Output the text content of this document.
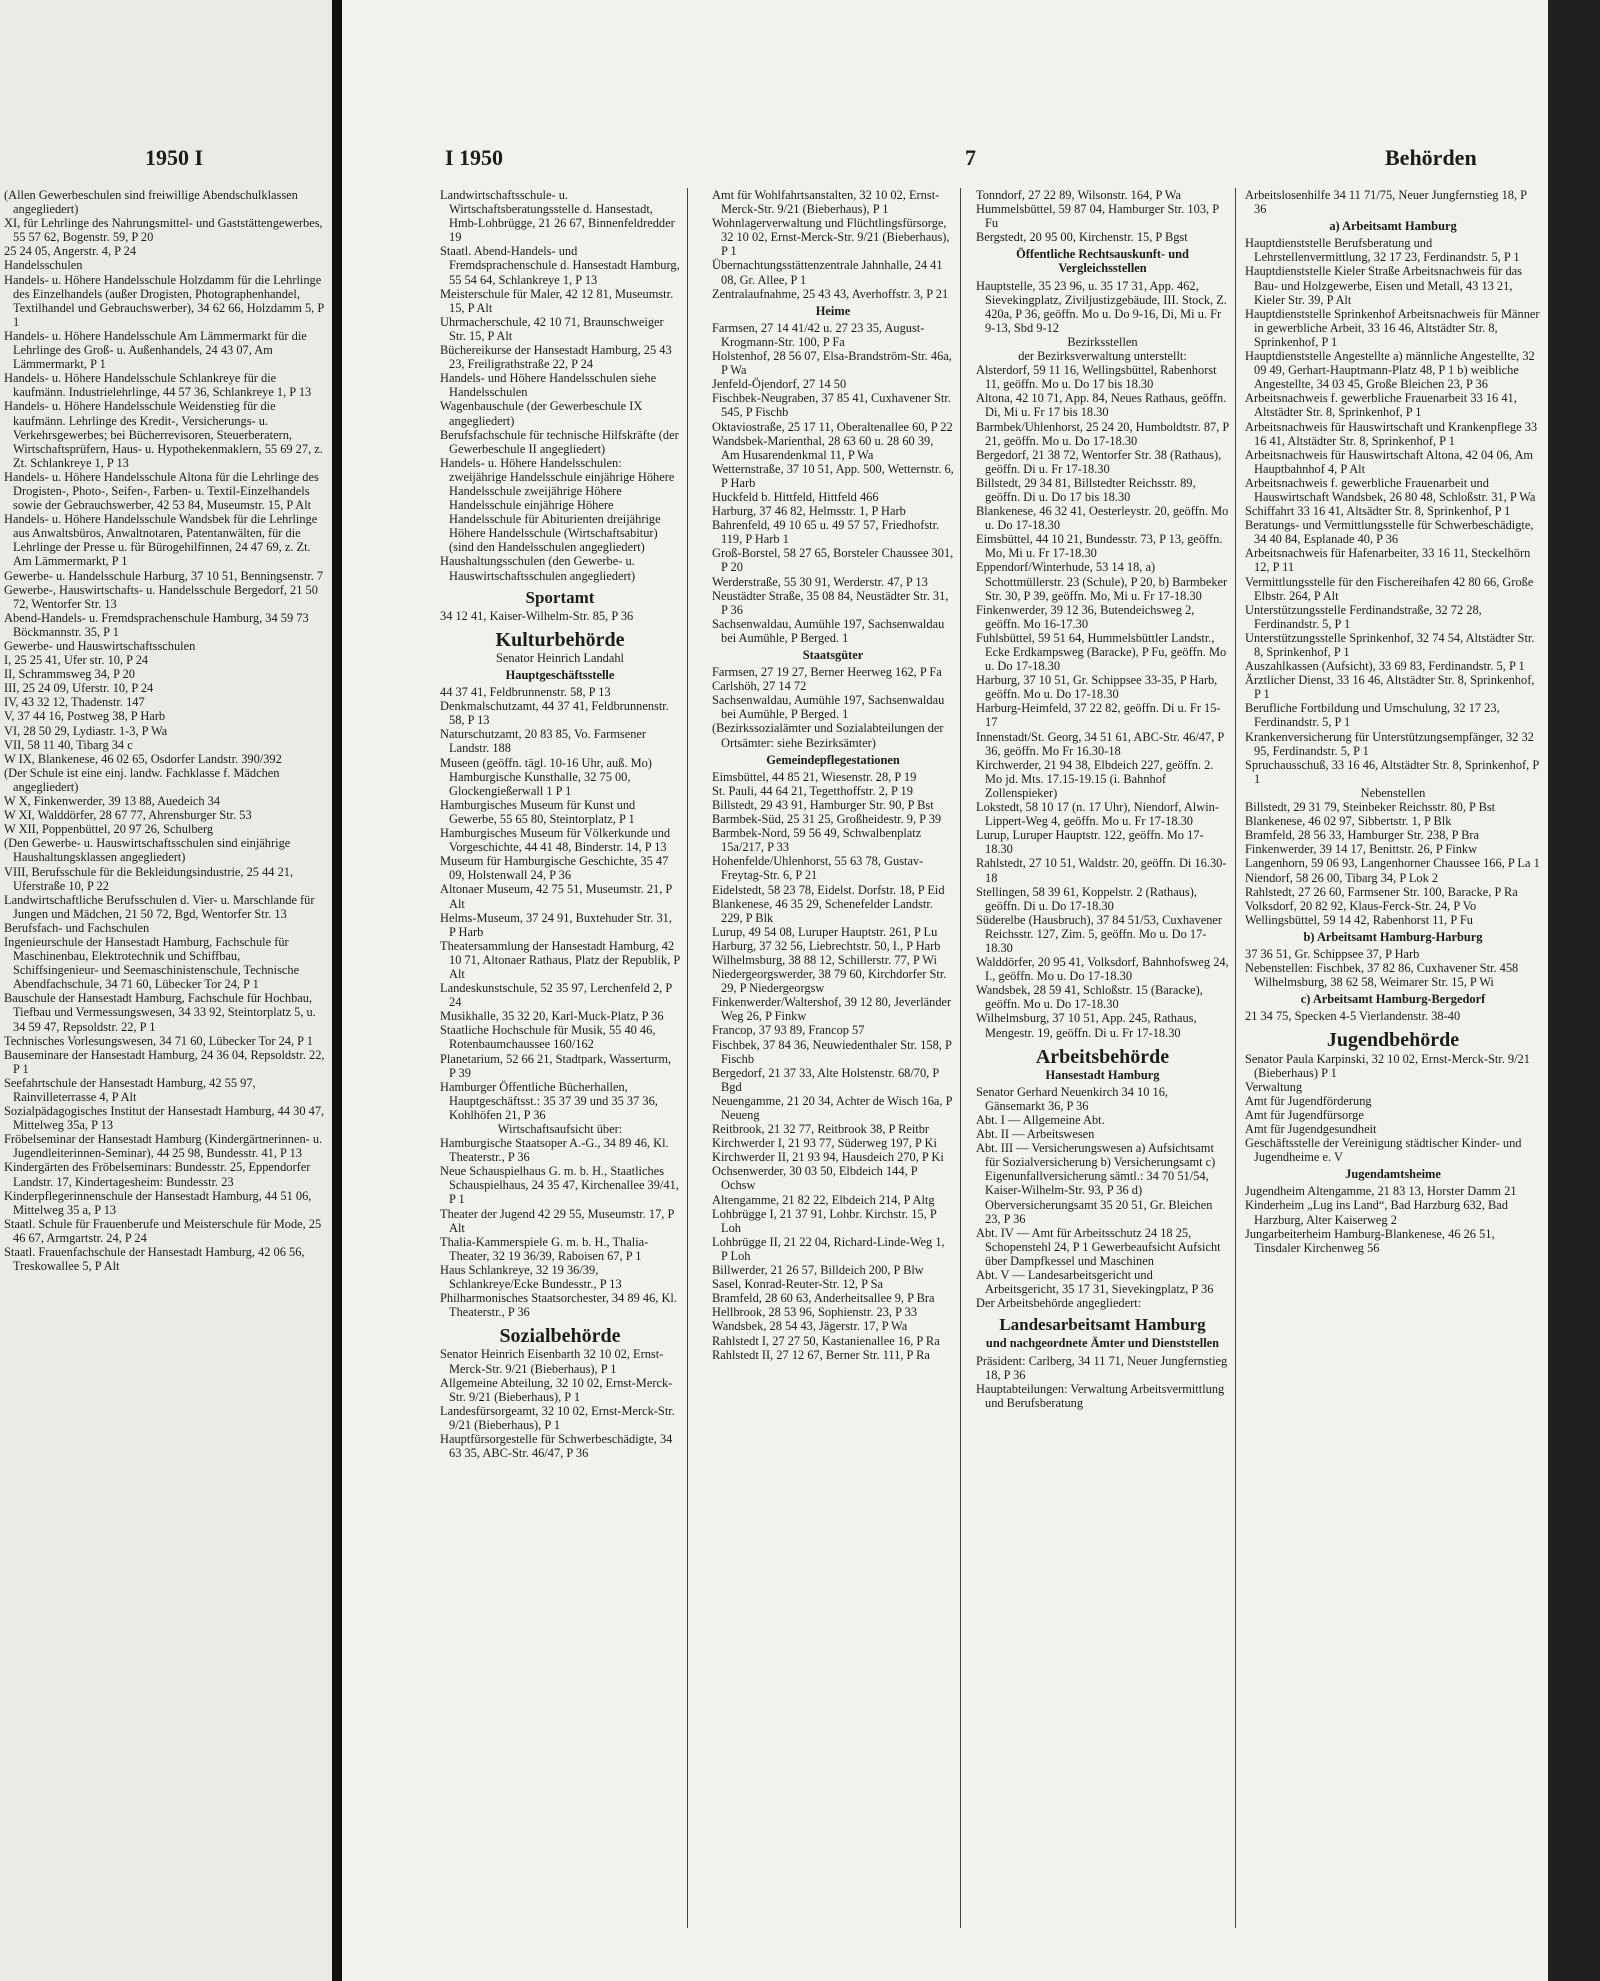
1950 I	I 1950	7	Behörden

(Allen Gewerbeschulen sind freiwillige Abendschulklassen angegliedert)

XI, für Lehrlinge des Nahrungsmittel- und Gaststättengewerbes, 55 57 62, Bogenstr. 59, P 20

25 24 05, Angerstr. 4, P 24

Handelsschulen

Handels- u. Höhere Handelsschule Holzdamm für die Lehrlinge des Einzelhandels (außer Drogisten, Photographenhandel, Textilhandel und Gebrauchswerber), 34 62 66, Holzdamm 5, P 1

Handels- u. Höhere Handelsschule Am Lämmermarkt für die Lehrlinge des Groß- u. Außenhandels, 24 43 07, Am Lämmermarkt, P 1

Handels- u. Höhere Handelsschule Schlankreye für die kaufmänn. Industrielehrlinge, 44 57 36, Schlankreye 1, P 13

Handels- u. Höhere Handelsschule Weidenstieg für die kaufmänn. Lehrlinge des Kredit-, Versicherungs- u. Verkehrsgewerbes; bei Bücherrevisoren, Steuerberatern, Wirtschaftsprüfern, Haus- u. Hypothekenmaklern, 55 69 27, z. Zt. Schlankreye 1, P 13

Handels- u. Höhere Handelsschule Altona für die Lehrlinge des Drogisten-, Photo-, Seifen-, Farben- u. Textil-Einzelhandels sowie der Gebrauchswerber, 42 53 84, Museumstr. 15, P Alt

Handels- u. Höhere Handelsschule Wandsbek für die Lehrlinge aus Anwaltsbüros, Anwaltnotaren, Patentanwälten, für die Lehrlinge der Presse u. für Bürogehilfinnen, 24 47 69, z. Zt. Am Lämmermarkt, P 1

Gewerbe- u. Handelsschule Harburg, 37 10 51, Benningsenstr. 7

Gewerbe-, Hauswirtschafts- u. Handelsschule Bergedorf, 21 50 72, Wentorfer Str. 13

Abend-Handels- u. Fremdsprachenschule Hamburg, 34 59 73 Böckmannstr. 35, P 1

Gewerbe- und Hauswirtschaftsschulen

I, 25 25 41, Ufer str. 10, P 24

II, Schrammsweg 34, P 20

III, 25 24 09, Uferstr. 10, P 24

IV, 43 32 12, Thadenstr. 147

V, 37 44 16, Postweg 38, P Harb

VI, 28 50 29, Lydiastr. 1-3, P Wa

VII, 58 11 40, Tibarg 34 c

W IX, Blankenese, 46 02 65, Osdorfer Landstr. 390/392

(Der Schule ist eine einj. landw. Fachklasse f. Mädchen angegliedert)

W X, Finkenwerder, 39 13 88, Auedeich 34

W XI, Walddörfer, 28 67 77, Ahrensburger Str. 53

W XII, Poppenbüttel, 20 97 26, Schulberg

(Den Gewerbe- u. Hauswirtschaftsschulen sind einjährige Haushaltungsklassen angegliedert)

VIII, Berufsschule für die Bekleidungsindustrie, 25 44 21, Uferstraße 10, P 22

Landwirtschaftliche Berufsschulen d. Vier- u. Marschlande für Jungen und Mädchen, 21 50 72, Bgd, Wentorfer Str. 13

Berufsfach- und Fachschulen

Ingenieurschule der Hansestadt Hamburg, Fachschule für Maschinenbau, Elektrotechnik und Schiffbau, Schiffsingenieur- und Seemaschinistenschule, Technische Abendfachschule, 34 71 60, Lübecker Tor 24, P 1

Bauschule der Hansestadt Hamburg, Fachschule für Hochbau, Tiefbau und Vermessungswesen, 34 33 92, Steintorplatz 5, u. 34 59 47, Repsoldstr. 22, P 1

Technisches Vorlesungswesen, 34 71 60, Lübecker Tor 24, P 1

Bauseminare der Hansestadt Hamburg, 24 36 04, Repsoldstr. 22, P 1

Seefahrtschule der Hansestadt Hamburg, 42 55 97, Rainvilleterrasse 4, P Alt

Sozialpädagogisches Institut der Hansestadt Hamburg, 44 30 47, Mittelweg 35a, P 13

Fröbelseminar der Hansestadt Hamburg (Kindergärtnerinnen- u. Jugendleiterinnen-Seminar), 44 25 98, Bundesstr. 41, P 13

Kindergärten des Fröbelseminars: Bundesstr. 25, Eppendorfer Landstr. 17, Kindertagesheim: Bundesstr. 23

Kinderpflegerinnenschule der Hansestadt Hamburg, 44 51 06, Mittelweg 35 a, P 13

Staatl. Schule für Frauenberufe und Meisterschule für Mode, 25 46 67, Armgartstr. 24, P 24

Staatl. Frauenfachschule der Hansestadt Hamburg, 42 06 56, Treskowallee 5, P Alt

Landwirtschaftsschule- u. Wirtschaftsberatungsstelle d. Hansestadt, Hmb-Lohbrügge, 21 26 67, Binnenfeldredder 19

Staatl. Abend-Handels- und Fremdsprachenschule d. Hansestadt Hamburg, 55 54 64, Schlankreye 1, P 13

Meisterschule für Maler, 42 12 81, Museumstr. 15, P Alt

Uhrmacherschule, 42 10 71, Braunschweiger Str. 15, P Alt

Büchereikurse der Hansestadt Hamburg, 25 43 23, Freiligrathstraße 22, P 24

Handels- und Höhere Handelsschulen siehe Handelsschulen

Wagenbauschule (der Gewerbeschule IX angegliedert)

Berufsfachschule für technische Hilfskräfte (der Gewerbeschule II angegliedert)

Handels- u. Höhere Handelsschulen: zweijährige Handelsschule einjährige Höhere Handelsschule zweijährige Höhere Handelsschule einjährige Höhere Handelsschule für Abiturienten dreijährige Höhere Handelsschule (Wirtschaftsabitur) (sind den Handelsschulen angegliedert)

Haushaltungsschulen (den Gewerbe- u. Hauswirtschaftsschulen angegliedert)

Sportamt

34 12 41, Kaiser-Wilhelm-Str. 85, P 36

Kulturbehörde

Senator Heinrich Landahl

Hauptgeschäftsstelle

44 37 41, Feldbrunnenstr. 58, P 13

Denkmalschutzamt, 44 37 41, Feldbrunnenstr. 58, P 13

Naturschutzamt, 20 83 85, Vo. Farmsener Landstr. 188

Museen (geöffn. tägl. 10-16 Uhr, auß. Mo) Hamburgische Kunsthalle, 32 75 00, Glockengießerwall 1 P 1

Hamburgisches Museum für Kunst und Gewerbe, 55 65 80, Steintorplatz, P 1

Hamburgisches Museum für Völkerkunde und Vorgeschichte, 44 41 48, Binderstr. 14, P 13

Museum für Hamburgische Geschichte, 35 47 09, Holstenwall 24, P 36

Altonaer Museum, 42 75 51, Museumstr. 21, P Alt

Helms-Museum, 37 24 91, Buxtehuder Str. 31, P Harb

Theatersammlung der Hansestadt Hamburg, 42 10 71, Altonaer Rathaus, Platz der Republik, P Alt

Landeskunstschule, 52 35 97, Lerchenfeld 2, P 24

Musikhalle, 35 32 20, Karl-Muck-Platz, P 36

Staatliche Hochschule für Musik, 55 40 46, Rotenbaumchaussee 160/162

Planetarium, 52 66 21, Stadtpark, Wasserturm, P 39

Hamburger Öffentliche Bücherhallen, Hauptgeschäftsst.: 35 37 39 und 35 37 36, Kohlhöfen 21, P 36

Wirtschaftsaufsicht über:

Hamburgische Staatsoper A.-G., 34 89 46, Kl. Theaterstr., P 36

Neue Schauspielhaus G. m. b. H., Staatliches Schauspielhaus, 24 35 47, Kirchenallee 39/41, P 1

Theater der Jugend 42 29 55, Museumstr. 17, P Alt

Thalia-Kammerspiele G. m. b. H., Thalia-Theater, 32 19 36/39, Raboisen 67, P 1

Haus Schlankreye, 32 19 36/39, Schlankreye/Ecke Bundesstr., P 13

Philharmonisches Staatsorchester, 34 89 46, Kl. Theaterstr., P 36

Sozialbehörde

Senator Heinrich Eisenbarth 32 10 02, Ernst-Merck-Str. 9/21 (Bieberhaus), P 1

Allgemeine Abteilung, 32 10 02, Ernst-Merck-Str. 9/21 (Bieberhaus), P 1

Landesfürsorgeamt, 32 10 02, Ernst-Merck-Str. 9/21 (Bieberhaus), P 1

Hauptfürsorgestelle für Schwerbeschädigte, 34 63 35, ABC-Str. 46/47, P 36

Amt für Wohlfahrtsanstalten, 32 10 02, Ernst-Merck-Str. 9/21 (Bieberhaus), P 1

Wohnlagerverwaltung und Flüchtlingsfürsorge, 32 10 02, Ernst-Merck-Str. 9/21 (Bieberhaus), P 1

Übernachtungsstättenzentrale Jahnhalle, 24 41 08, Gr. Allee, P 1

Zentralaufnahme, 25 43 43, Averhoffstr. 3, P 21

Heime

Farmsen, 27 14 41/42 u. 27 23 35, August-Krogmann-Str. 100, P Fa

Holstenhof, 28 56 07, Elsa-Brandström-Str. 46a, P Wa

Jenfeld-Öjendorf, 27 14 50

Fischbek-Neugraben, 37 85 41, Cuxhavener Str. 545, P Fischb

Oktaviostraße, 25 17 11, Oberaltenallee 60, P 22

Wandsbek-Marienthal, 28 63 60 u. 28 60 39, Am Husarendenkmal 11, P Wa

Wetternstraße, 37 10 51, App. 500, Wetternstr. 6, P Harb

Huckfeld b. Hittfeld, Hittfeld 466

Harburg, 37 46 82, Helmsstr. 1, P Harb

Bahrenfeld, 49 10 65 u. 49 57 57, Friedhofstr. 119, P Harb 1

Groß-Borstel, 58 27 65, Borsteler Chaussee 301, P 20

Werderstraße, 55 30 91, Werderstr. 47, P 13

Neustädter Straße, 35 08 84, Neustädter Str. 31, P 36

Sachsenwaldau, Aumühle 197, Sachsenwaldau bei Aumühle, P Berged. 1

Staatsgüter

Farmsen, 27 19 27, Berner Heerweg 162, P Fa

Carlshöh, 27 14 72

Sachsenwaldau, Aumühle 197, Sachsenwaldau bei Aumühle, P Berged. 1

(Bezirkssozialämter und Sozialabteilungen der Ortsämter: siehe Bezirksämter)

Gemeindepflegestationen

Eimsbüttel, 44 85 21, Wiesenstr. 28, P 19

St. Pauli, 44 64 21, Tegetthoffstr. 2, P 19

Billstedt, 29 43 91, Hamburger Str. 90, P Bst

Barmbek-Süd, 25 31 25, Großheidestr. 9, P 39

Barmbek-Nord, 59 56 49, Schwalbenplatz 15a/217, P 33

Hohenfelde/Uhlenhorst, 55 63 78, Gustav-Freytag-Str. 6, P 21

Eidelstedt, 58 23 78, Eidelst. Dorfstr. 18, P Eid

Blankenese, 46 35 29, Schenefelder Landstr. 229, P Blk

Lurup, 49 54 08, Luruper Hauptstr. 261, P Lu

Harburg, 37 32 56, Liebrechtstr. 50, I., P Harb

Wilhelmsburg, 38 88 12, Schillerstr. 77, P Wi

Niedergeorgswerder, 38 79 60, Kirchdorfer Str. 29, P Niedergeorgsw

Finkenwerder/Waltershof, 39 12 80, Jeverländer Weg 26, P Finkw

Francop, 37 93 89, Francop 57

Fischbek, 37 84 36, Neuwiedenthaler Str. 158, P Fischb

Bergedorf, 21 37 33, Alte Holstenstr. 68/70, P Bgd

Neuengamme, 21 20 34, Achter de Wisch 16a, P Neueng

Reitbrook, 21 32 77, Reitbrook 38, P Reitbr

Kirchwerder I, 21 93 77, Süderweg 197, P Ki

Kirchwerder II, 21 93 94, Hausdeich 270, P Ki

Ochsenwerder, 30 03 50, Elbdeich 144, P Ochsw

Altengamme, 21 82 22, Elbdeich 214, P Altg

Lohbrügge I, 21 37 91, Lohbr. Kirchstr. 15, P Loh

Lohbrügge II, 21 22 04, Richard-Linde-Weg 1, P Loh

Billwerder, 21 26 57, Billdeich 200, P Blw

Sasel, Konrad-Reuter-Str. 12, P Sa

Bramfeld, 28 60 63, Anderheitsallee 9, P Bra

Hellbrook, 28 53 96, Sophienstr. 23, P 33

Wandsbek, 28 54 43, Jägerstr. 17, P Wa

Rahlstedt I, 27 27 50, Kastanienallee 16, P Ra

Rahlstedt II, 27 12 67, Berner Str. 111, P Ra

Tonndorf, 27 22 89, Wilsonstr. 164, P Wa

Hummelsbüttel, 59 87 04, Hamburger Str. 103, P Fu

Bergstedt, 20 95 00, Kirchenstr. 15, P Bgst

Öffentliche Rechtsauskunft- und Vergleichsstellen

Hauptstelle, 35 23 96, u. 35 17 31, App. 462, Sievekingplatz, Ziviljustizgebäude, III. Stock, Z. 420a, P 36, geöffn. Mo u. Do 9-16, Di, Mi u. Fr 9-13, Sbd 9-12

Bezirksstellen

der Bezirksverwaltung unterstellt:

Alsterdorf, 59 11 16, Wellingsbüttel, Rabenhorst 11, geöffn. Mo u. Do 17 bis 18.30

Altona, 42 10 71, App. 84, Neues Rathaus, geöffn. Di, Mi u. Fr 17 bis 18.30

Barmbek/Uhlenhorst, 25 24 20, Humboldtstr. 87, P 21, geöffn. Mo u. Do 17-18.30

Bergedorf, 21 38 72, Wentorfer Str. 38 (Rathaus), geöffn. Di u. Fr 17-18.30

Billstedt, 29 34 81, Billstedter Reichsstr. 89, geöffn. Di u. Do 17 bis 18.30

Blankenese, 46 32 41, Oesterleystr. 20, geöffn. Mo u. Do 17-18.30

Eimsbüttel, 44 10 21, Bundesstr. 73, P 13, geöffn. Mo, Mi u. Fr 17-18.30

Eppendorf/Winterhude, 53 14 18, a) Schottmüllerstr. 23 (Schule), P 20, b) Barmbeker Str. 30, P 39, geöffn. Mo, Mi u. Fr 17-18.30

Finkenwerder, 39 12 36, Butendeichsweg 2, geöffn. Mo 16-17.30

Fuhlsbüttel, 59 51 64, Hummelsbüttler Landstr., Ecke Erdkampsweg (Baracke), P Fu, geöffn. Mo u. Do 17-18.30

Harburg, 37 10 51, Gr. Schippsee 33-35, P Harb, geöffn. Mo u. Do 17-18.30

Harburg-Heimfeld, 37 22 82, geöffn. Di u. Fr 15-17

Innenstadt/St. Georg, 34 51 61, ABC-Str. 46/47, P 36, geöffn. Mo Fr 16.30-18

Kirchwerder, 21 94 38, Elbdeich 227, geöffn. 2. Mo jd. Mts. 17.15-19.15 (i. Bahnhof Zollenspieker)

Lokstedt, 58 10 17 (n. 17 Uhr), Niendorf, Alwin-Lippert-Weg 4, geöffn. Mo u. Fr 17-18.30

Lurup, Luruper Hauptstr. 122, geöffn. Mo 17-18.30

Rahlstedt, 27 10 51, Waldstr. 20, geöffn. Di 16.30-18

Stellingen, 58 39 61, Koppelstr. 2 (Rathaus), geöffn. Di u. Do 17-18.30

Süderelbe (Hausbruch), 37 84 51/53, Cuxhavener Reichsstr. 127, Zim. 5, geöffn. Mo u. Do 17-18.30

Walddörfer, 20 95 41, Volksdorf, Bahnhofsweg 24, I., geöffn. Mo u. Do 17-18.30

Wandsbek, 28 59 41, Schloßstr. 15 (Baracke), geöffn. Mo u. Do 17-18.30

Wilhelmsburg, 37 10 51, App. 245, Rathaus, Mengestr. 19, geöffn. Di u. Fr 17-18.30

Arbeitsbehörde

Hansestadt Hamburg

Senator Gerhard Neuenkirch 34 10 16, Gänsemarkt 36, P 36

Abt. I — Allgemeine Abt.

Abt. II — Arbeitswesen

Abt. III — Versicherungswesen a) Aufsichtsamt für Sozialversicherung b) Versicherungsamt c) Eigenunfallversicherung sämtl.: 34 70 51/54, Kaiser-Wilhelm-Str. 93, P 36 d) Oberversicherungsamt 35 20 51, Gr. Bleichen 23, P 36

Abt. IV — Amt für Arbeitsschutz 24 18 25, Schopenstehl 24, P 1 Gewerbeaufsicht Aufsicht über Dampfkessel und Maschinen

Abt. V — Landesarbeitsgericht und Arbeitsgericht, 35 17 31, Sievekingplatz, P 36

Der Arbeitsbehörde angegliedert:

Landesarbeitsamt Hamburg

und nachgeordnete Ämter und Dienststellen

Präsident: Carlberg, 34 11 71, Neuer Jungfernstieg 18, P 36

Hauptabteilungen: Verwaltung Arbeitsvermittlung und Berufsberatung

Arbeitslosenhilfe 34 11 71/75, Neuer Jungfernstieg 18, P 36

a) Arbeitsamt Hamburg

Hauptdienststelle Berufsberatung und Lehrstellenvermittlung, 32 17 23, Ferdinandstr. 5, P 1

Hauptdienststelle Kieler Straße Arbeitsnachweis für das Bau- und Holzgewerbe, Eisen und Metall, 43 13 21, Kieler Str. 39, P Alt

Hauptdienststelle Sprinkenhof Arbeitsnachweis für Männer in gewerbliche Arbeit, 33 16 46, Altstädter Str. 8, Sprinkenhof, P 1

Hauptdienststelle Angestellte a) männliche Angestellte, 32 09 49, Gerhart-Hauptmann-Platz 48, P 1 b) weibliche Angestellte, 34 03 45, Große Bleichen 23, P 36

Arbeitsnachweis f. gewerbliche Frauenarbeit 33 16 41, Altstädter Str. 8, Sprinkenhof, P 1

Arbeitsnachweis für Hauswirtschaft und Krankenpflege 33 16 41, Altstädter Str. 8, Sprinkenhof, P 1

Arbeitsnachweis für Hauswirtschaft Altona, 42 04 06, Am Hauptbahnhof 4, P Alt

Arbeitsnachweis f. gewerbliche Frauenarbeit und Hauswirtschaft Wandsbek, 26 80 48, Schloßstr. 31, P Wa

Schiffahrt 33 16 41, Altsädter Str. 8, Sprinkenhof, P 1

Beratungs- und Vermittlungsstelle für Schwerbeschädigte, 34 40 84, Esplanade 40, P 36

Arbeitsnachweis für Hafenarbeiter, 33 16 11, Steckelhörn 12, P 11

Vermittlungsstelle für den Fischereihafen 42 80 66, Große Elbstr. 264, P Alt

Unterstützungsstelle Ferdinandstraße, 32 72 28, Ferdinandstr. 5, P 1

Unterstützungsstelle Sprinkenhof, 32 74 54, Altstädter Str. 8, Sprinkenhof, P 1

Auszahlkassen (Aufsicht), 33 69 83, Ferdinandstr. 5, P 1

Ärztlicher Dienst, 33 16 46, Altstädter Str. 8, Sprinkenhof, P 1

Berufliche Fortbildung und Umschulung, 32 17 23, Ferdinandstr. 5, P 1

Krankenversicherung für Unterstützungsempfänger, 32 32 95, Ferdinandstr. 5, P 1

Spruchausschuß, 33 16 46, Altstädter Str. 8, Sprinkenhof, P 1

Nebenstellen

Billstedt, 29 31 79, Steinbeker Reichsstr. 80, P Bst

Blankenese, 46 02 97, Sibbertstr. 1, P Blk

Bramfeld, 28 56 33, Hamburger Str. 238, P Bra

Finkenwerder, 39 14 17, Benittstr. 26, P Finkw

Langenhorn, 59 06 93, Langenhorner Chaussee 166, P La 1

Niendorf, 58 26 00, Tibarg 34, P Lok 2

Rahlstedt, 27 26 60, Farmsener Str. 100, Baracke, P Ra

Volksdorf, 20 82 92, Klaus-Ferck-Str. 24, P Vo

Wellingsbüttel, 59 14 42, Rabenhorst 11, P Fu

b) Arbeitsamt Hamburg-Harburg

37 36 51, Gr. Schippsee 37, P Harb

Nebenstellen: Fischbek, 37 82 86, Cuxhavener Str. 458 Wilhelmsburg, 38 62 58, Weimarer Str. 15, P Wi

c) Arbeitsamt Hamburg-Bergedorf

21 34 75, Specken 4-5 Vierlandenstr. 38-40

Jugendbehörde

Senator Paula Karpinski, 32 10 02, Ernst-Merck-Str. 9/21 (Bieberhaus) P 1

Verwaltung

Amt für Jugendförderung

Amt für Jugendfürsorge

Amt für Jugendgesundheit

Geschäftsstelle der Vereinigung städtischer Kinder- und Jugendheime e. V

Jugendamtsheime

Jugendheim Altengamme, 21 83 13, Horster Damm 21

Kinderheim „Lug ins Land“, Bad Harzburg 632, Bad Harzburg, Alter Kaiserweg 2

Jungarbeiterheim Hamburg-Blankenese, 46 26 51, Tinsdaler Kirchenweg 56
